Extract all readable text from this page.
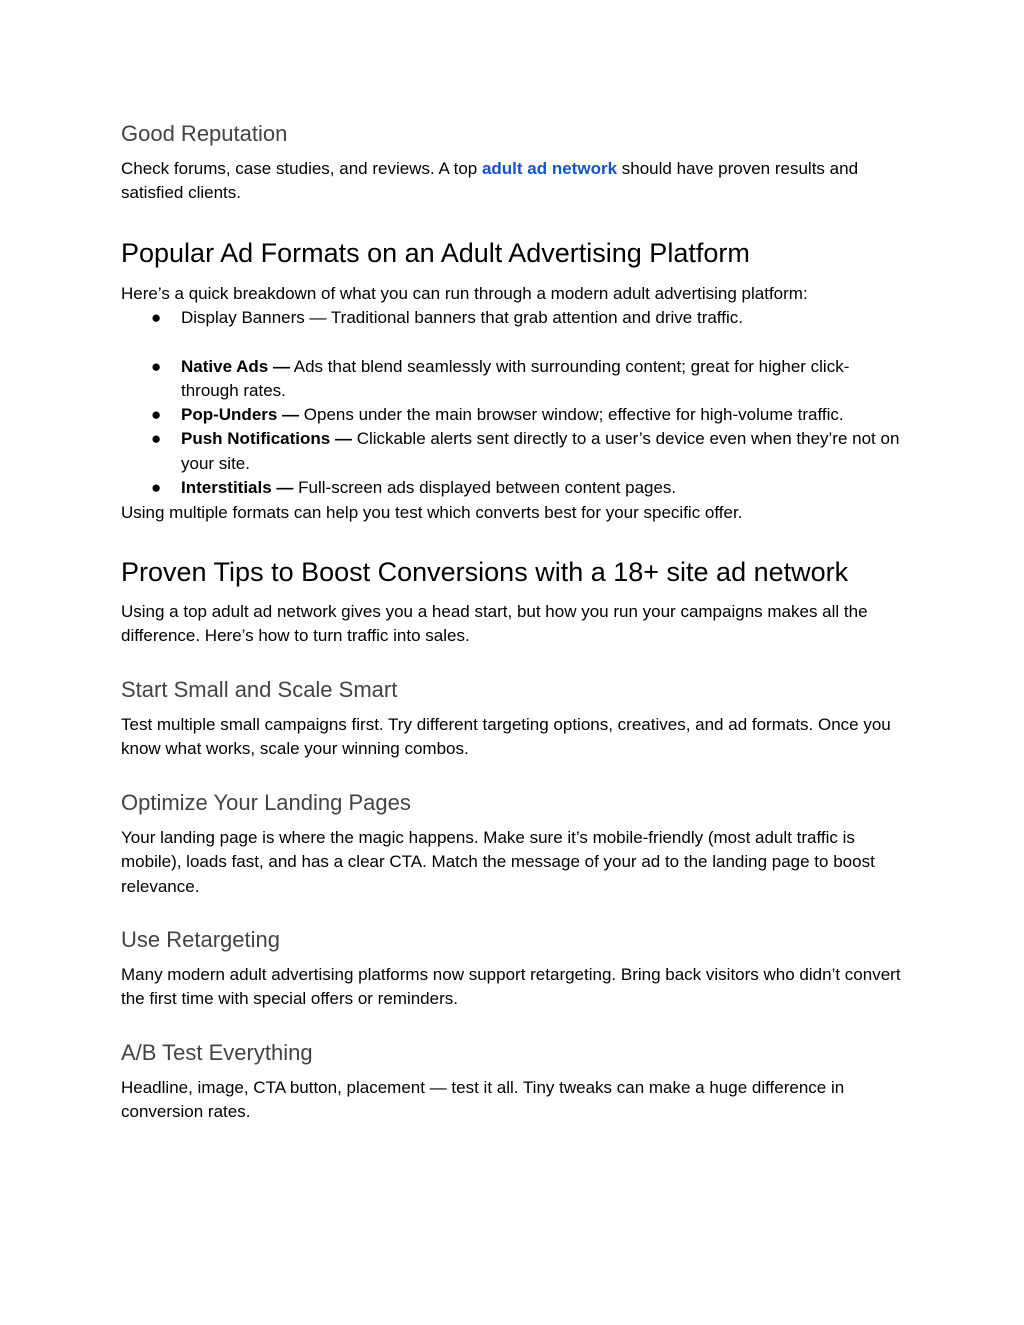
Good Reputation
Check forums, case studies, and reviews. A top adult ad network should have proven results and satisfied clients.
Popular Ad Formats on an Adult Advertising Platform
Here’s a quick breakdown of what you can run through a modern adult advertising platform:
● Display Banners — Traditional banners that grab attention and drive traffic.
● Native Ads — Ads that blend seamlessly with surrounding content; great for higher click-through rates.
● Pop-Unders — Opens under the main browser window; effective for high-volume traffic.
● Push Notifications — Clickable alerts sent directly to a user’s device even when they’re not on your site.
● Interstitials — Full-screen ads displayed between content pages.
Using multiple formats can help you test which converts best for your specific offer.
Proven Tips to Boost Conversions with a 18+ site ad network
Using a top adult ad network gives you a head start, but how you run your campaigns makes all the difference. Here’s how to turn traffic into sales.
Start Small and Scale Smart
Test multiple small campaigns first. Try different targeting options, creatives, and ad formats. Once you know what works, scale your winning combos.
Optimize Your Landing Pages
Your landing page is where the magic happens. Make sure it’s mobile-friendly (most adult traffic is mobile), loads fast, and has a clear CTA. Match the message of your ad to the landing page to boost relevance.
Use Retargeting
Many modern adult advertising platforms now support retargeting. Bring back visitors who didn’t convert the first time with special offers or reminders.
A/B Test Everything
Headline, image, CTA button, placement — test it all. Tiny tweaks can make a huge difference in conversion rates.
